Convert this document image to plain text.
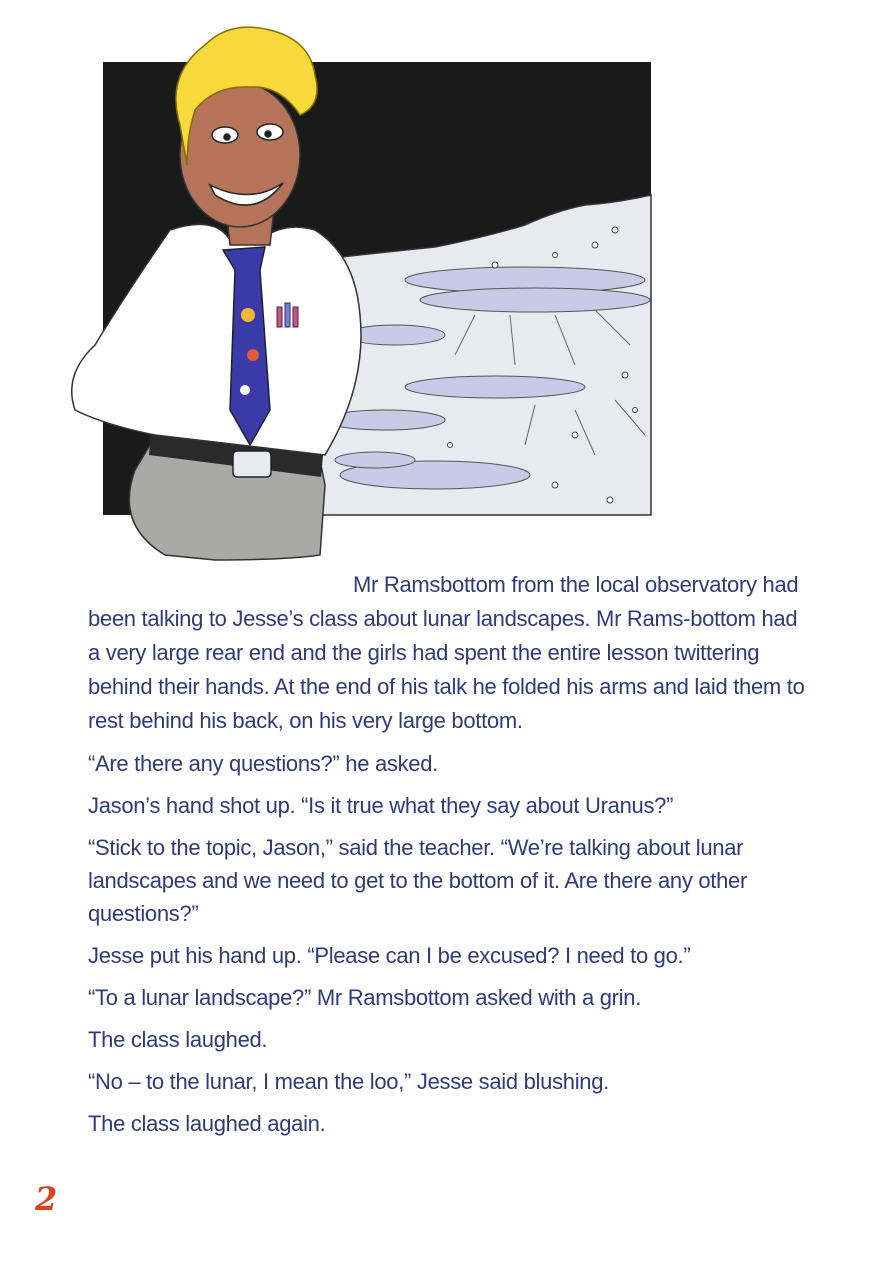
Mr Ramsbottom from the local observatory had been talking to Jesse’s class about lunar landscapes. Mr Rams-bottom had a very large rear end and the girls had spent the entire lesson twittering behind their hands. At the end of his talk he folded his arms and laid them to rest behind his back, on his very large bottom.

“Are there any questions?” he asked.

Jason’s hand shot up. “Is it true what they say about Uranus?”

“Stick to the topic, Jason,” said the teacher. “We’re talking about lunar landscapes and we need to get to the bottom of it. Are there any other questions?”

Jesse put his hand up. “Please can I be excused? I need to go.”

“To a lunar landscape?” Mr Ramsbottom asked with a grin.

The class laughed.

“No – to the lunar, I mean the loo,” Jesse said blushing.

The class laughed again.

2
